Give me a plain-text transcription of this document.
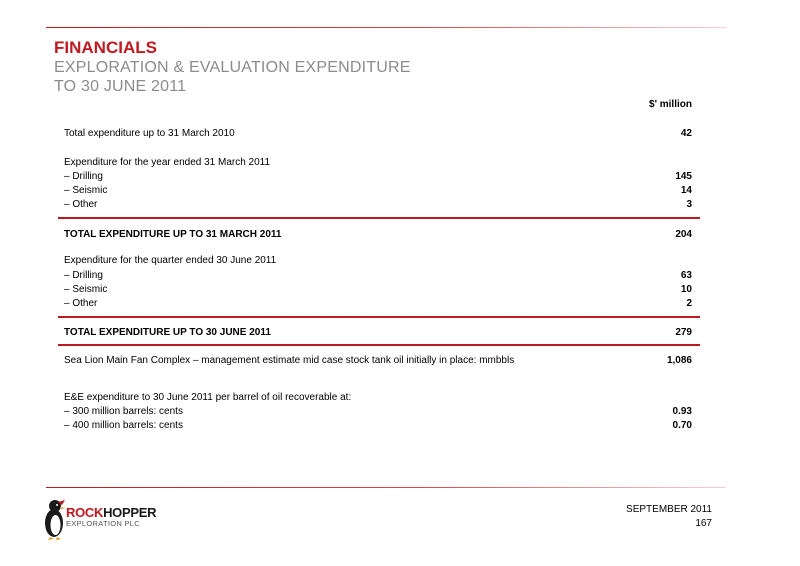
FINANCIALS
EXPLORATION & EVALUATION EXPENDITURE
TO 30 JUNE 2011
$' million
Total expenditure up to 31 March 2010	42
Expenditure for the year ended 31 March 2011
– Drilling	145
– Seismic	14
– Other	3
TOTAL EXPENDITURE UP TO 31 MARCH 2011	204
Expenditure for the quarter ended 30 June 2011
– Drilling	63
– Seismic	10
– Other	2
TOTAL EXPENDITURE UP TO 30 JUNE 2011	279
Sea Lion Main Fan Complex – management estimate mid case stock tank oil initially in place: mmbbls	1,086
E&E expenditure to 30 June 2011 per barrel of oil recoverable at:
– 300 million barrels: cents	0.93
– 400 million barrels: cents	0.70
ROCKHOPPER
EXPLORATION PLC
SEPTEMBER 2011
167
